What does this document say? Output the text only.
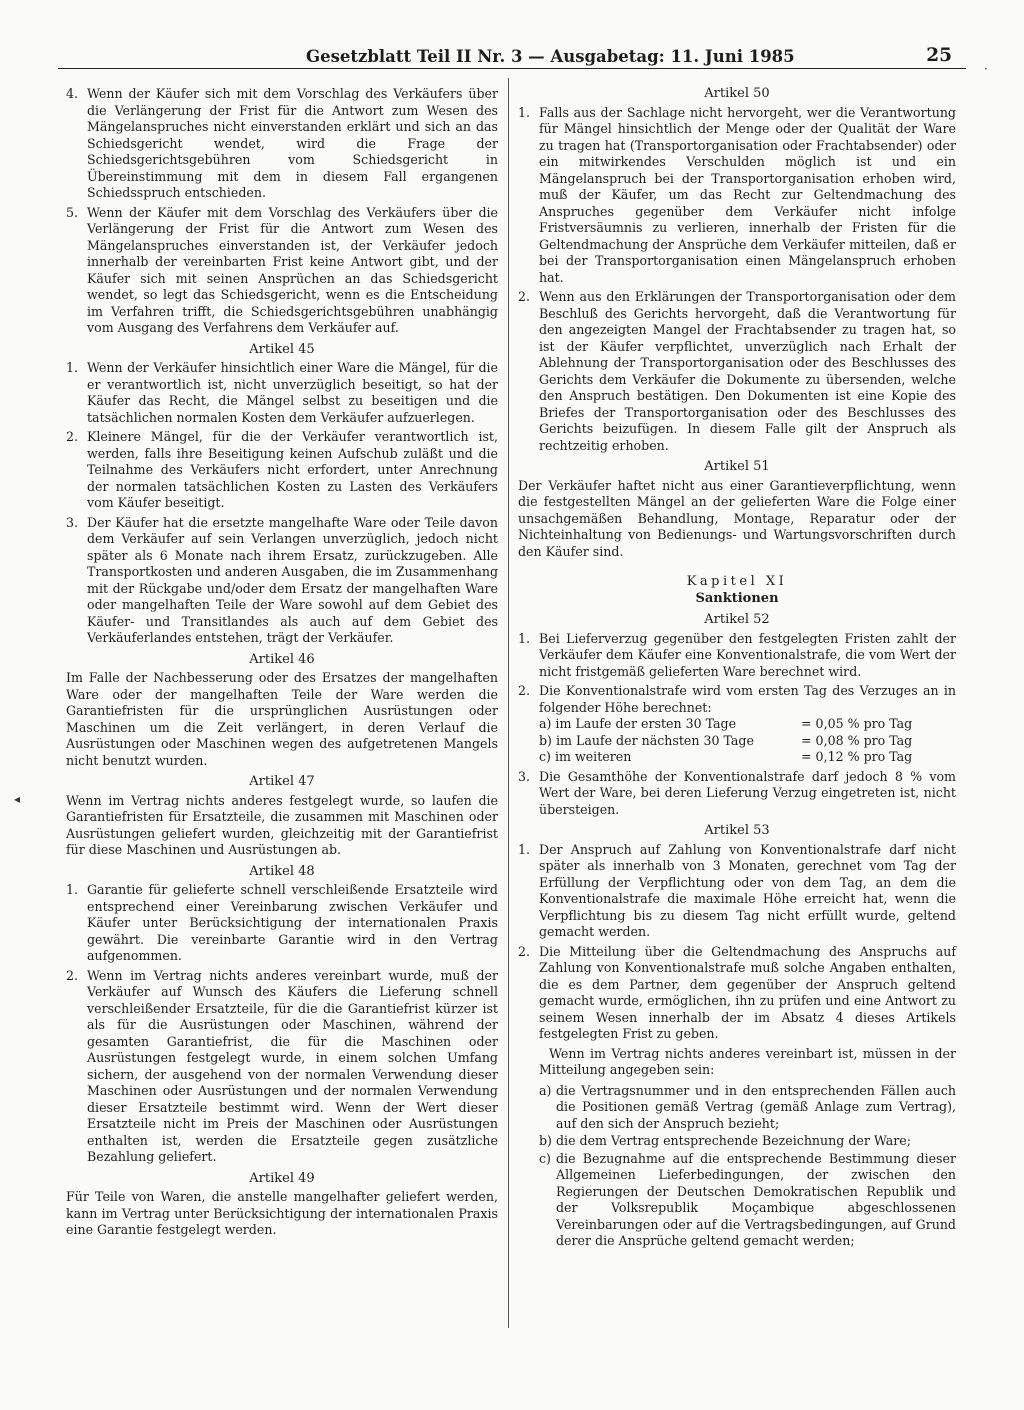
Gesetzblatt Teil II Nr. 3 — Ausgabetag: 11. Juni 1985	25
4. Wenn der Käufer sich mit dem Vorschlag des Verkäufers über die Verlängerung der Frist für die Antwort zum Wesen des Mängelanspruches nicht einverstanden erklärt und sich an das Schiedsgericht wendet, wird die Frage der Schiedsgerichtsgebühren vom Schiedsgericht in Übereinstimmung mit dem in diesem Fall ergangenen Schiedsspruch entschieden.
5. Wenn der Käufer mit dem Vorschlag des Verkäufers über die Verlängerung der Frist für die Antwort zum Wesen des Mängelanspruches einverstanden ist, der Verkäufer jedoch innerhalb der vereinbarten Frist keine Antwort gibt, und der Käufer sich mit seinen Ansprüchen an das Schiedsgericht wendet, so legt das Schiedsgericht, wenn es die Entscheidung im Verfahren trifft, die Schiedsgerichtsgebühren unabhängig vom Ausgang des Verfahrens dem Verkäufer auf.
Artikel 45
1. Wenn der Verkäufer hinsichtlich einer Ware die Mängel, für die er verantwortlich ist, nicht unverzüglich beseitigt, so hat der Käufer das Recht, die Mängel selbst zu beseitigen und die tatsächlichen normalen Kosten dem Verkäufer aufzuerlegen.
2. Kleinere Mängel, für die der Verkäufer verantwortlich ist, werden, falls ihre Beseitigung keinen Aufschub zuläßt und die Teilnahme des Verkäufers nicht erfordert, unter Anrechnung der normalen tatsächlichen Kosten zu Lasten des Verkäufers vom Käufer beseitigt.
3. Der Käufer hat die ersetzte mangelhafte Ware oder Teile davon dem Verkäufer auf sein Verlangen unverzüglich, jedoch nicht später als 6 Monate nach ihrem Ersatz, zurückzugeben. Alle Transportkosten und anderen Ausgaben, die im Zusammenhang mit der Rückgabe und/oder dem Ersatz der mangelhaften Ware oder mangelhaften Teile der Ware sowohl auf dem Gebiet des Käufer- und Transitlandes als auch auf dem Gebiet des Verkäuferlandes entstehen, trägt der Verkäufer.
Artikel 46

Im Falle der Nachbesserung oder des Ersatzes der mangelhaften Ware oder der mangelhaften Teile der Ware werden die Garantiefristen für die ursprünglichen Ausrüstungen oder Maschinen um die Zeit verlängert, in deren Verlauf die Ausrüstungen oder Maschinen wegen des aufgetretenen Mangels nicht benutzt wurden.

Artikel 47

Wenn im Vertrag nichts anderes festgelegt wurde, so laufen die Garantiefristen für Ersatzteile, die zusammen mit Maschinen oder Ausrüstungen geliefert wurden, gleichzeitig mit der Garantiefrist für diese Maschinen und Ausrüstungen ab.

Artikel 48
1. Garantie für gelieferte schnell verschleißende Ersatzteile wird entsprechend einer Vereinbarung zwischen Verkäufer und Käufer unter Berücksichtigung der internationalen Praxis gewährt. Die vereinbarte Garantie wird in den Vertrag aufgenommen.
2. Wenn im Vertrag nichts anderes vereinbart wurde, muß der Verkäufer auf Wunsch des Käufers die Lieferung schnell verschleißender Ersatzteile, für die die Garantiefrist kürzer ist als für die Ausrüstungen oder Maschinen, während der gesamten Garantiefrist, die für die Maschinen oder Ausrüstungen festgelegt wurde, in einem solchen Umfang sichern, der ausgehend von der normalen Verwendung dieser Maschinen oder Ausrüstungen und der normalen Verwendung dieser Ersatzteile bestimmt wird. Wenn der Wert dieser Ersatzteile nicht im Preis der Maschinen oder Ausrüstungen enthalten ist, werden die Ersatzteile gegen zusätzliche Bezahlung geliefert.
Artikel 49

Für Teile von Waren, die anstelle mangelhafter geliefert werden, kann im Vertrag unter Berücksichtigung der internationalen Praxis eine Garantie festgelegt werden.

Artikel 50
1. Falls aus der Sachlage nicht hervorgeht, wer die Verantwortung für Mängel hinsichtlich der Menge oder der Qualität der Ware zu tragen hat (Transportorganisation oder Frachtabsender) oder ein mitwirkendes Verschulden möglich ist und ein Mängelanspruch bei der Transportorganisation erhoben wird, muß der Käufer, um das Recht zur Geltendmachung des Anspruches gegenüber dem Verkäufer nicht infolge Fristversäumnis zu verlieren, innerhalb der Fristen für die Geltendmachung der Ansprüche dem Verkäufer mitteilen, daß er bei der Transportorganisation einen Mängelanspruch erhoben hat.
2. Wenn aus den Erklärungen der Transportorganisation oder dem Beschluß des Gerichts hervorgeht, daß die Verantwortung für den angezeigten Mangel der Frachtabsender zu tragen hat, so ist der Käufer verpflichtet, unverzüglich nach Erhalt der Ablehnung der Transportorganisation oder des Beschlusses des Gerichts dem Verkäufer die Dokumente zu übersenden, welche den Anspruch bestätigen. Den Dokumenten ist eine Kopie des Briefes der Transportorganisation oder des Beschlusses des Gerichts beizufügen. In diesem Falle gilt der Anspruch als rechtzeitig erhoben.
Artikel 51

Der Verkäufer haftet nicht aus einer Garantieverpflichtung, wenn die festgestellten Mängel an der gelieferten Ware die Folge einer unsachgemäßen Behandlung, Montage, Reparatur oder der Nichteinhaltung von Bedienungs- und Wartungsvorschriften durch den Käufer sind.

Kapitel XI
Sanktionen
Artikel 52
1. Bei Lieferverzug gegenüber den festgelegten Fristen zahlt der Verkäufer dem Käufer eine Konventionalstrafe, die vom Wert der nicht fristgemäß gelieferten Ware berechnet wird.
2. Die Konventionalstrafe wird vom ersten Tag des Verzuges an in folgender Höhe berechnet:
a) im Laufe der ersten 30 Tage	= 0,05 % pro Tag
b) im Laufe der nächsten 30 Tage	= 0,08 % pro Tag
c) im weiteren	= 0,12 % pro Tag
3. Die Gesamthöhe der Konventionalstrafe darf jedoch 8 % vom Wert der Ware, bei deren Lieferung Verzug eingetreten ist, nicht übersteigen.
Artikel 53
1. Der Anspruch auf Zahlung von Konventionalstrafe darf nicht später als innerhalb von 3 Monaten, gerechnet vom Tag der Erfüllung der Verpflichtung oder von dem Tag, an dem die Konventionalstrafe die maximale Höhe erreicht hat, wenn die Verpflichtung bis zu diesem Tag nicht erfüllt wurde, geltend gemacht werden.
2. Die Mitteilung über die Geltendmachung des Anspruchs auf Zahlung von Konventionalstrafe muß solche Angaben enthalten, die es dem Partner, dem gegenüber der Anspruch geltend gemacht wurde, ermöglichen, ihn zu prüfen und eine Antwort zu seinem Wesen innerhalb der im Absatz 4 dieses Artikels festgelegten Frist zu geben.

Wenn im Vertrag nichts anderes vereinbart ist, müssen in der Mitteilung angegeben sein:

a) die Vertragsnummer und in den entsprechenden Fällen auch die Positionen gemäß Vertrag (gemäß Anlage zum Vertrag), auf den sich der Anspruch bezieht;
b) die dem Vertrag entsprechende Bezeichnung der Ware;
c) die Bezugnahme auf die entsprechende Bestimmung dieser Allgemeinen Lieferbedingungen, der zwischen den Regierungen der Deutschen Demokratischen Republik und der Volksrepublik Moçambique abgeschlossenen Vereinbarungen oder auf die Vertragsbedingungen, auf Grund derer die Ansprüche geltend gemacht werden;
◂
·
